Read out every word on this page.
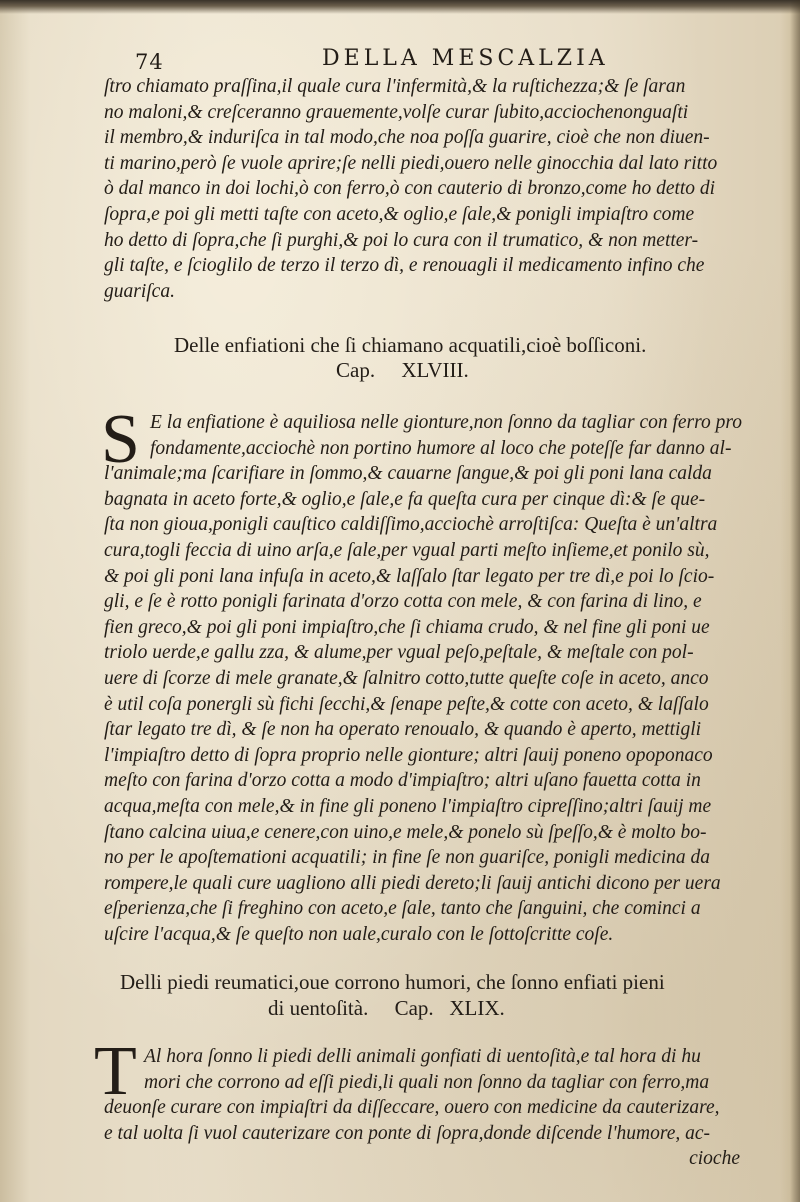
74	DELLA MESCALZIA
ſtro chiamato praſſina,il quale cura l'infermità,& la ruſtichezza;& ſe ſaran
no maloni,& creſceranno grauemente,volſe curar ſubito,acciochenonguaſti
il membro,& induriſca in tal modo,che noa poſſa guarire, cioè che non diuen-
ti marino,però ſe vuole aprire;ſe nelli piedi,ouero nelle ginocchia dal lato ritto
ò dal manco in doi lochi,ò con ferro,ò con cauterio di bronzo,come ho detto di
ſopra,e poi gli metti taſte con aceto,& oglio,e ſale,& ponigli impiaſtro come
ho detto di ſopra,che ſi purghi,& poi lo cura con il trumatico, & non metter-
gli taſte, e ſcioglilo de terzo il terzo dì, e renouagli il medicamento infino che
guariſca.
Delle enfiationi che ſi chiamano acquatili,cioè boſſiconi.
Cap.     XLVIII.
S E la enfiatione è aquiliosa nelle gionture,non ſonno da tagliar con ferro pro
fondamente,acciochè non portino humore al loco che poteſſe far danno al-
l'animale;ma ſcarifiare in ſommo,& cauarne ſangue,& poi gli poni lana calda
bagnata in aceto forte,& oglio,e ſale,e fa queſta cura per cinque dì:& ſe que-
ſta non gioua,ponigli cauſtico caldiſſimo,acciochè arroſtiſca: Queſta è un'altra
cura,togli feccia di uino arſa,e ſale,per vgual parti meſto inſieme,et ponilo sù,
& poi gli poni lana infuſa in aceto,& laſſalo ſtar legato per tre dì,e poi lo ſcio-
gli, e ſe è rotto ponigli farinata d'orzo cotta con mele, & con farina di lino, e
fien greco,& poi gli poni impiaſtro,che ſi chiama crudo, & nel fine gli poni ue
triolo uerde,e gallu zza, & alume,per vgual peſo,peſtale, & meſtale con pol-
uere di ſcorze di mele granate,& ſalnitro cotto,tutte queſte coſe in aceto, anco
è util coſa ponergli sù fichi ſecchi,& ſenape peſte,& cotte con aceto, & laſſalo
ſtar legato tre dì, & ſe non ha operato renoualo, & quando è aperto, mettigli
l'impiaſtro detto di ſopra proprio nelle gionture; altri ſauij poneno opoponaco
meſto con farina d'orzo cotta a modo d'impiaſtro; altri uſano fauetta cotta in
acqua,meſta con mele,& in fine gli poneno l'impiaſtro cipreſſino;altri ſauij me
ſtano calcina uiua,e cenere,con uino,e mele,& ponelo sù ſpeſſo,& è molto bo-
no per le apoſtemationi acquatili; in fine ſe non guariſce, ponigli medicina da
rompere,le quali cure uagliono alli piedi dereto;li ſauij antichi dicono per uera
eſperienza,che ſi freghino con aceto,e ſale, tanto che ſanguini, che cominci a
uſcire l'acqua,& ſe queſto non uale,curalo con le ſottoſcritte coſe.
Delli piedi reumatici,oue corrono humori, che ſonno enfiati pieni
di uentoſità.     Cap.   XLIX.
T Al hora ſonno li piedi delli animali gonfiati di uentoſità,e tal hora di hu
mori che corrono ad eſſi piedi,li quali non ſonno da tagliar con ferro,ma
deuonſe curare con impiaſtri da diſſeccare, ouero con medicine da cauterizare,
e tal uolta ſi vuol cauterizare con ponte di ſopra,donde diſcende l'humore, ac-
cioche
